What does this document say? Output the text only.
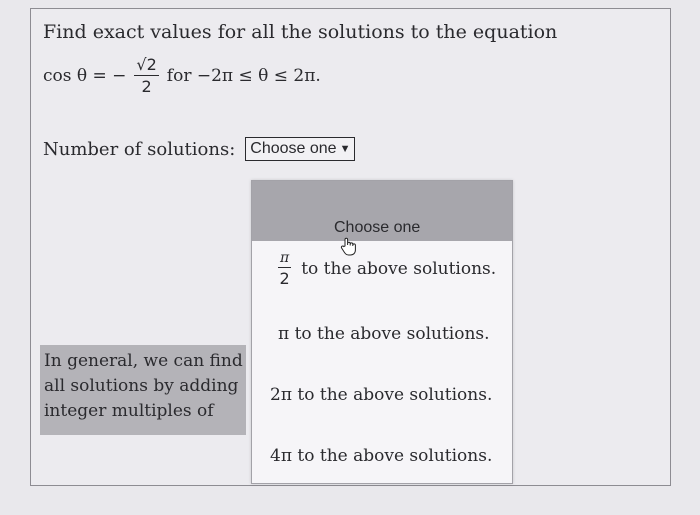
Find exact values for all the solutions to the equation
cos θ = − $\frac{√2}{2}$ for −2π ≤ θ ≤ 2π.
Number of solutions: Choose one ▼
In general, we can find
all solutions by adding
integer multiples of
Choose one
$\frac{\pi}{2}$ to the above solutions.
π to the above solutions.
2π to the above solutions.
4π to the above solutions.
